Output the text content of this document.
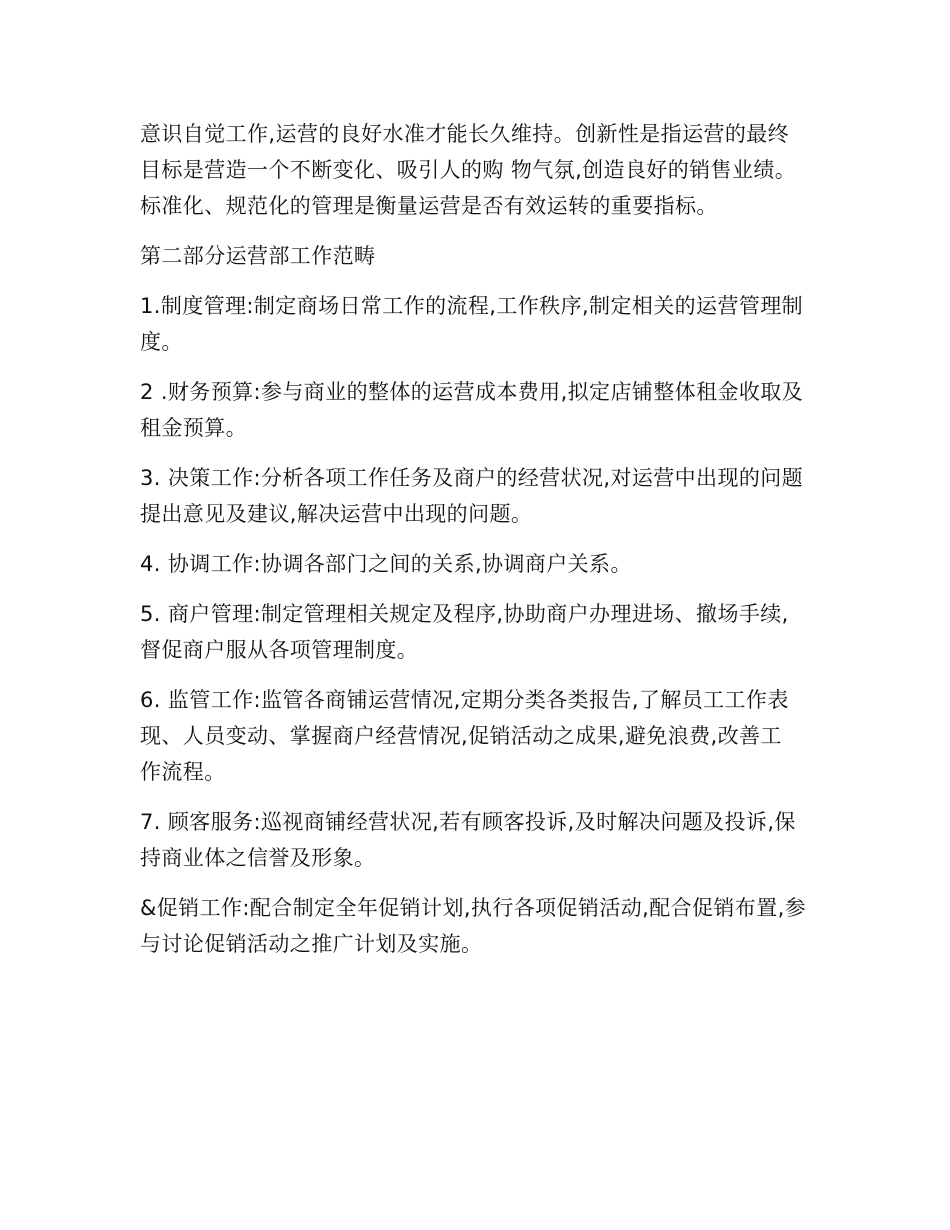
意识自觉工作,运营的良好水准才能长久维持。创新性是指运营的最终目标是营造一个不断变化、吸引人的购 物气氛,创造良好的销售业绩。标准化、规范化的管理是衡量运营是否有效运转的重要指标。

第二部分运营部工作范畴

1.制度管理:制定商场日常工作的流程,工作秩序,制定相关的运营管理制度。

2 .财务预算:参与商业的整体的运营成本费用,拟定店铺整体租金收取及租金预算。

3. 决策工作:分析各项工作任务及商户的经营状况,对运营中出现的问题提出意见及建议,解决运营中出现的问题。

4. 协调工作:协调各部门之间的关系,协调商户关系。

5. 商户管理:制定管理相关规定及程序,协助商户办理进场、撤场手续,督促商户服从各项管理制度。

6. 监管工作:监管各商铺运营情况,定期分类各类报告,了解员工工作表现、人员变动、掌握商户经营情况,促销活动之成果,避免浪费,改善工 作流程。

7. 顾客服务:巡视商铺经营状况,若有顾客投诉,及时解决问题及投诉,保持商业体之信誉及形象。

&促销工作:配合制定全年促销计划,执行各项促销活动,配合促销布置,参与讨论促销活动之推广计划及实施。
